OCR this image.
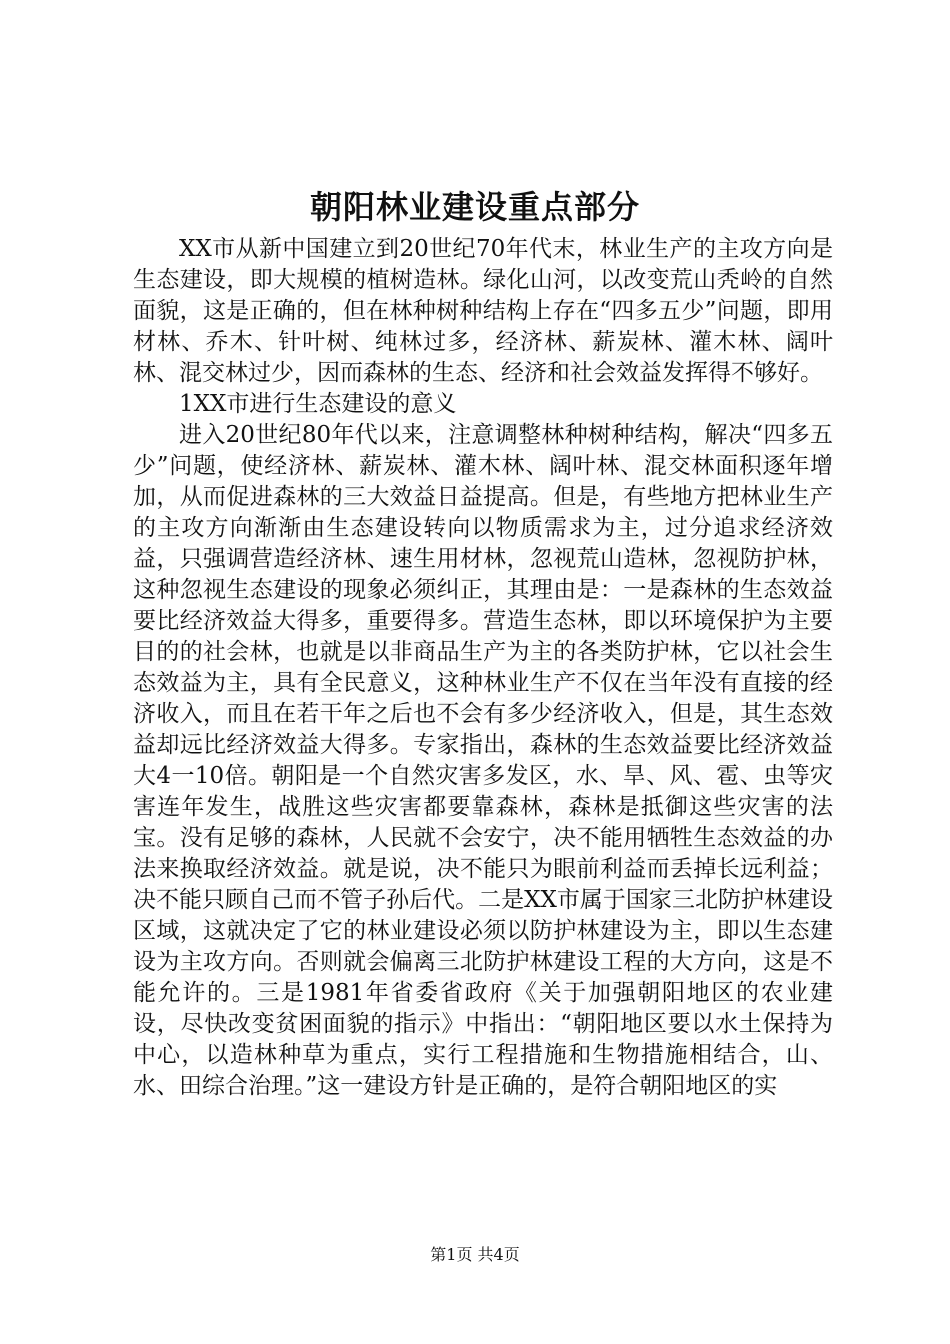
朝阳林业建设重点部分

XX市从新中国建立到20世纪70年代末，林业生产的主攻方向是生态建设，即大规模的植树造林。绿化山河，以改变荒山秃岭的自然面貌，这是正确的，但在林种树种结构上存在“四多五少”问题，即用材林、乔木、针叶树、纯林过多，经济林、薪炭林、灌木林、阔叶林、混交林过少，因而森林的生态、经济和社会效益发挥得不够好。

1XX市进行生态建设的意义

进入20世纪80年代以来，注意调整林种树种结构，解决“四多五少”问题，使经济林、薪炭林、灌木林、阔叶林、混交林面积逐年增加，从而促进森林的三大效益日益提高。但是，有些地方把林业生产的主攻方向渐渐由生态建设转向以物质需求为主，过分追求经济效益，只强调营造经济林、速生用材林，忽视荒山造林，忽视防护林，这种忽视生态建设的现象必须纠正，其理由是：一是森林的生态效益要比经济效益大得多，重要得多。营造生态林，即以环境保护为主要目的的社会林，也就是以非商品生产为主的各类防护林，它以社会生态效益为主，具有全民意义，这种林业生产不仅在当年没有直接的经济收入，而且在若干年之后也不会有多少经济收入，但是，其生态效益却远比经济效益大得多。专家指出，森林的生态效益要比经济效益大4一10倍。朝阳是一个自然灾害多发区，水、旱、风、雹、虫等灾害连年发生，战胜这些灾害都要靠森林，森林是抵御这些灾害的法宝。没有足够的森林，人民就不会安宁，决不能用牺牲生态效益的办法来换取经济效益。就是说，决不能只为眼前利益而丢掉长远利益；决不能只顾自己而不管子孙后代。二是XX市属于国家三北防护林建设区域，这就决定了它的林业建设必须以防护林建设为主，即以生态建设为主攻方向。否则就会偏离三北防护林建设工程的大方向，这是不能允许的。三是1981年省委省政府《关于加强朝阳地区的农业建设，尽快改变贫困面貌的指示》中指出：“朝阳地区要以水土保持为中心，以造林种草为重点，实行工程措施和生物措施相结合，山、水、田综合治理。”这一建设方针是正确的，是符合朝阳地区的实

第1页 共4页
